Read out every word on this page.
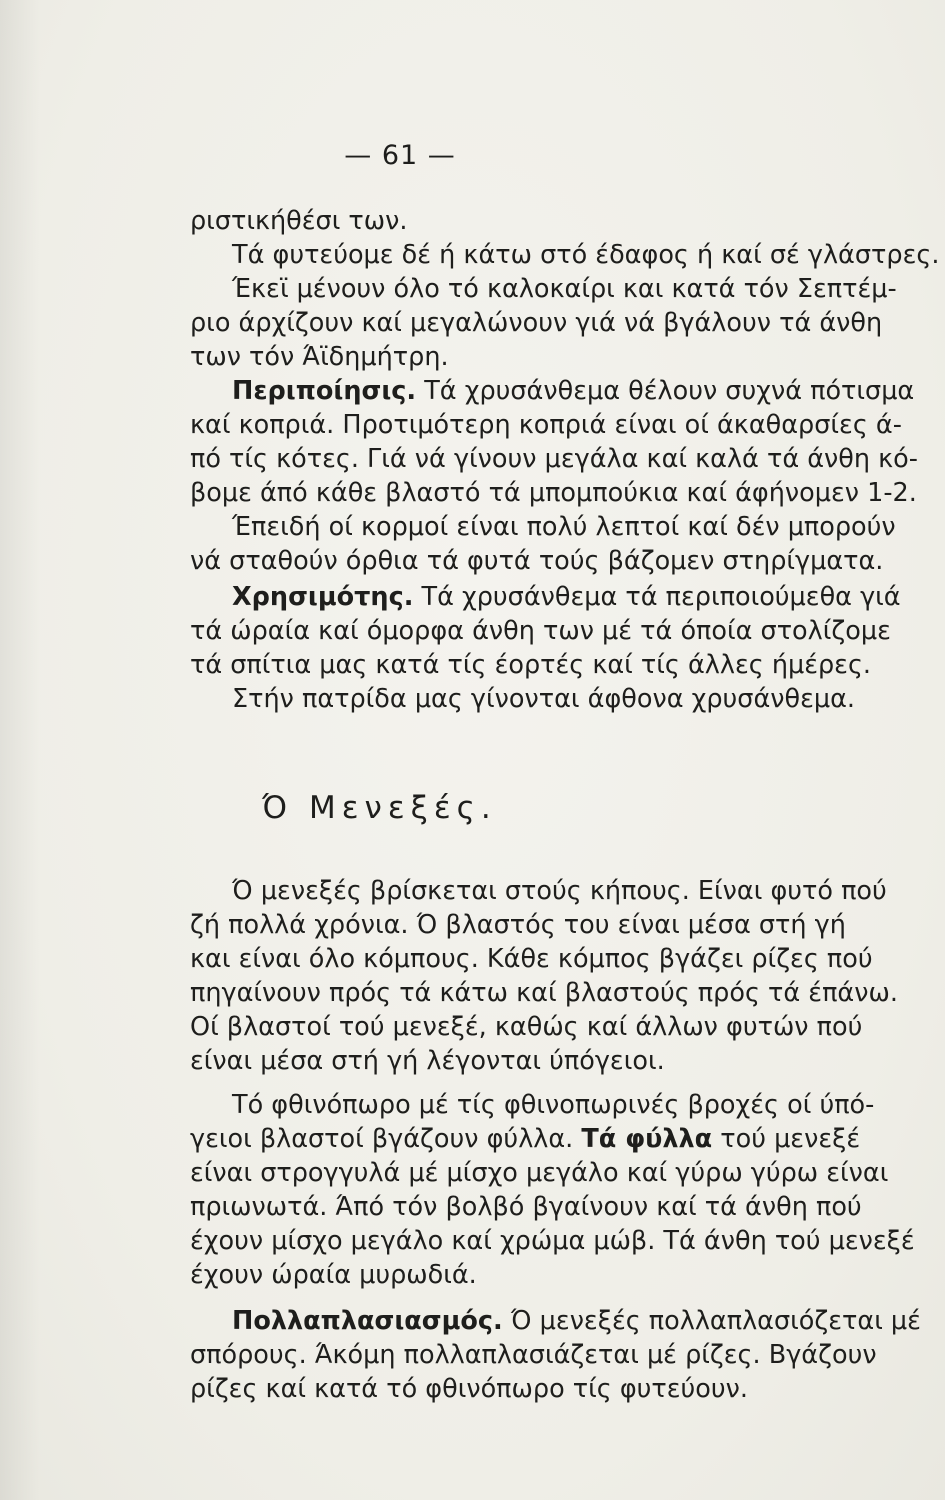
— 61 —
ριστικήθέσι των.
Τά φυτεύομε δέ ή κάτω στό έδαφος ή καί σέ γλάστρες.
Έκεϊ μένουν όλο τό καλοκαίρι και κατά τόν Σεπτέμ-
ριο άρχίζουν καί μεγαλώνουν γιά νά βγάλουν τά άνθη
των τόν Άϊδημήτρη.
Περιποίησις. Τά χρυσάνθεμα θέλουν συχνά πότισμα
καί κοπριά. Προτιμότερη κοπριά είναι οί άκαθαρσίες ά-
πό τίς κότες. Γιά νά γίνουν μεγάλα καί καλά τά άνθη κό-
βομε άπό κάθε βλαστό τά μπομπούκια καί άφήνομεν 1-2.
Έπειδή οί κορμοί είναι πολύ λεπτοί καί δέν μπορούν
νά σταθούν όρθια τά φυτά τούς βάζομεν στηρίγματα.
Χρησιμότης. Τά χρυσάνθεμα τά περιποιούμεθα γιά
τά ώραία καί όμορφα άνθη των μέ τά όποία στολίζομε
τά σπίτια μας κατά τίς έορτές καί τίς άλλες ήμέρες.
Στήν πατρίδα μας γίνονται άφθονα χρυσάνθεμα.
Ό Μενεξές.
Ό μενεξές βρίσκεται στούς κήπους. Είναι φυτό πού
ζή πολλά χρόνια. Ό βλαστός του είναι μέσα στή γή
και είναι όλο κόμπους. Κάθε κόμπος βγάζει ρίζες πού
πηγαίνουν πρός τά κάτω καί βλαστούς πρός τά έπάνω.
Οί βλαστοί τού μενεξέ, καθώς καί άλλων φυτών πού
είναι μέσα στή γή λέγονται ύπόγειοι.
Τό φθινόπωρο μέ τίς φθινοπωρινές βροχές οί ύπό-
γειοι βλαστοί βγάζουν φύλλα. Τά φύλλα τού μενεξέ
είναι στρογγυλά μέ μίσχο μεγάλο καί γύρω γύρω είναι
πριωνωτά. Άπό τόν βολβό βγαίνουν καί τά άνθη πού
έχουν μίσχο μεγάλο καί χρώμα μώβ. Τά άνθη τού μενεξέ
έχουν ώραία μυρωδιά.
Πολλαπλασιασμός. Ό μενεξές πολλαπλασιόζεται μέ
σπόρους. Άκόμη πολλαπλασιάζεται μέ ρίζες. Βγάζουν
ρίζες καί κατά τό φθινόπωρο τίς φυτεύουν.
